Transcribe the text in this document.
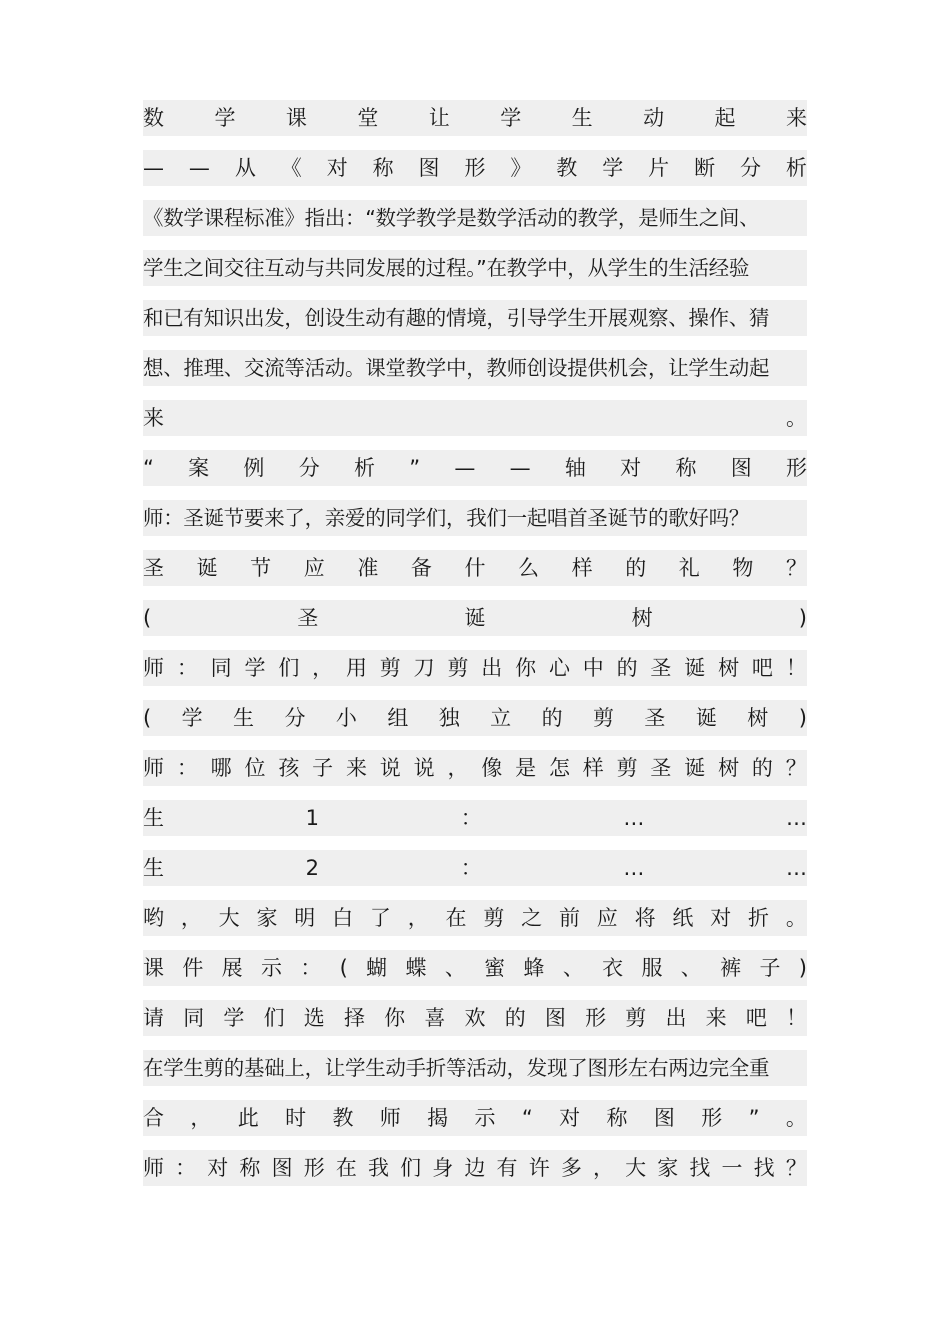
数 学 课 堂 让 学 生 动 起 来
— — 从 《 对 称 图 形 》 教 学 片 断 分 析
《数学课程标准》指出：“数学教学是数学活动的教学，是师生之间、
学生之间交往互动与共同发展的过程。”在教学中，从学生的生活经验
和已有知识出发，创设生动有趣的情境，引导学生开展观察、操作、猜
想、推理、交流等活动。课堂教学中，教师创设提供机会，让学生动起
来	。
“ 案 例 分 析 ” — — 轴 对 称 图 形
师：圣诞节要来了，亲爱的同学们，我们一起唱首圣诞节的歌好吗？
圣 诞 节 应 准 备 什 么 样 的 礼 物 ？
(	圣	诞	树	)
师 ： 同 学 们 ， 用 剪 刀 剪 出 你 心 中 的 圣 诞 树 吧 ！
( 学 生 分 小 组 独 立 的 剪 圣 诞 树 )
师 ： 哪 位 孩 子 来 说 说 ， 像 是 怎 样 剪 圣 诞 树 的 ？
生	1	：	…	…
生	2	：	…	…
哟 ， 大 家 明 白 了 ， 在 剪 之 前 应 将 纸 对 折 。
课 件 展 示 ： ( 蝴 蝶 、 蜜 蜂 、 衣 服 、 裤 子 )
请 同 学 们 选 择 你 喜 欢 的 图 形 剪 出 来 吧 ！
在学生剪的基础上，让学生动手折等活动，发现了图形左右两边完全重
合 ， 此 时 教 师 揭 示 “ 对 称 图 形 ” 。
师 ： 对 称 图 形 在 我 们 身 边 有 许 多 ， 大 家 找 一 找 ？
